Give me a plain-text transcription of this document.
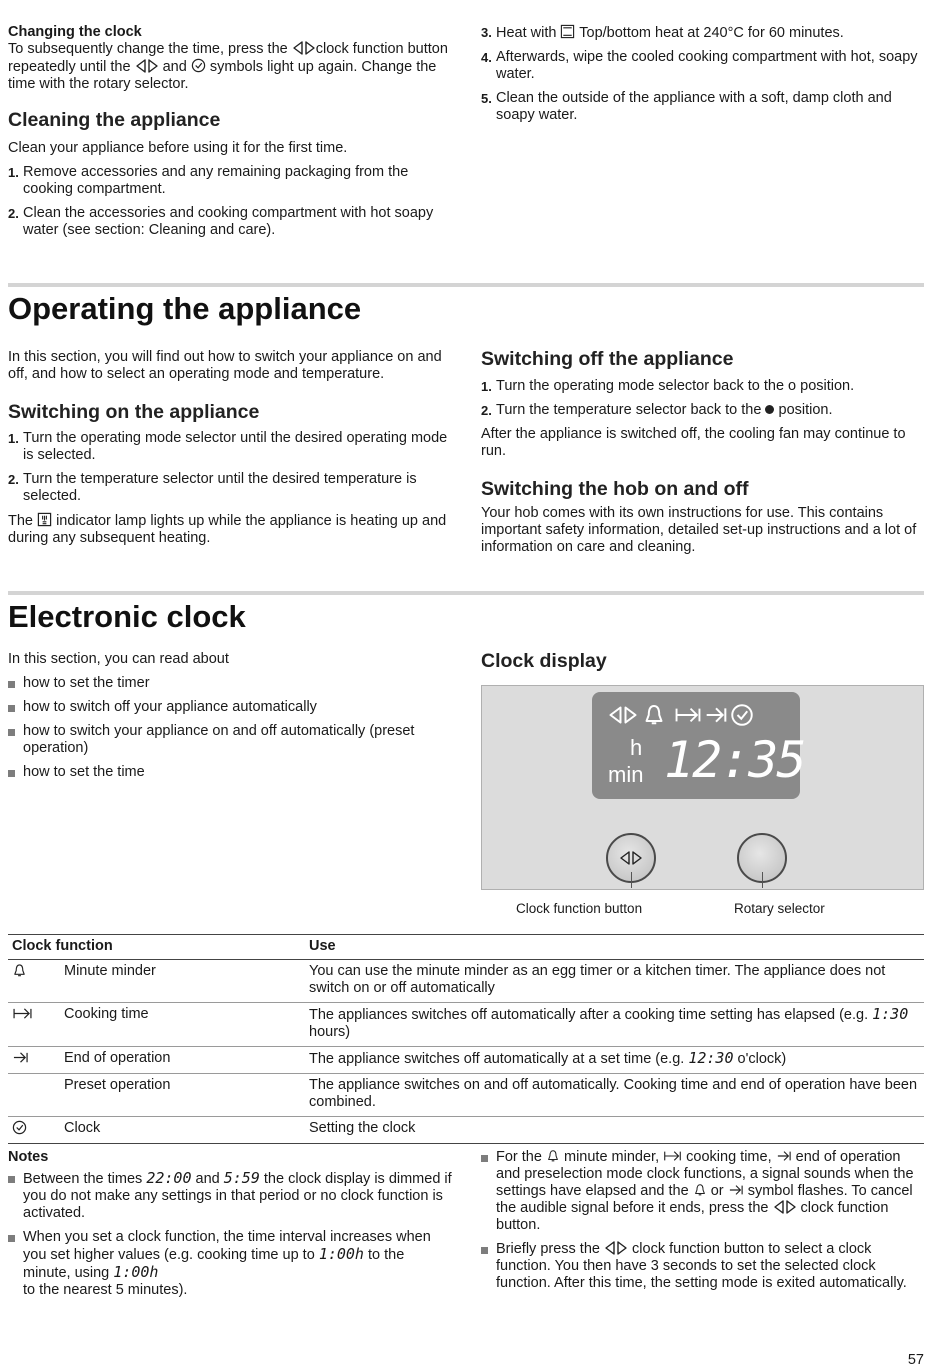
Changing the clock

To subsequently change the time, press the clock function button repeatedly until the and symbols light up again. Change the time with the rotary selector.

Cleaning the appliance

Clean your appliance before using it for the first time.

1. Remove accessories and any remaining packaging from the cooking compartment.
2. Clean the accessories and cooking compartment with hot soapy water (see section: Cleaning and care).
3. Heat with Top/bottom heat at 240°C for 60 minutes.
4. Afterwards, wipe the cooled cooking compartment with hot, soapy water.
5. Clean the outside of the appliance with a soft, damp cloth and soapy water.

Operating the appliance

In this section, you will find out how to switch your appliance on and off, and how to select an operating mode and temperature.

Switching on the appliance

1. Turn the operating mode selector until the desired operating mode is selected.
2. Turn the temperature selector until the desired temperature is selected.

The indicator lamp lights up while the appliance is heating up and during any subsequent heating.

Switching off the appliance

1. Turn the operating mode selector back to the o position.
2. Turn the temperature selector back to the position.

After the appliance is switched off, the cooling fan may continue to run.

Switching the hob on and off

Your hob comes with its own instructions for use. This contains important safety information, detailed set-up instructions and a lot of information on care and cleaning.

Electronic clock

In this section, you can read about

how to set the timer
how to switch off your appliance automatically
how to switch your appliance on and off automatically (preset operation)
how to set the time

Clock display

h
min 12:35
Clock function button	Rotary selector
Clock function		Use
	Minute minder	You can use the minute minder as an egg timer or a kitchen timer. The appliance does not switch on or off automatically
	Cooking time	The appliances switches off automatically after a cooking time setting has elapsed (e.g. 1:30 hours)
	End of operation	The appliance switches off automatically at a set time (e.g. 12:30 o'clock)
	Preset operation	The appliance switches on and off automatically. Cooking time and end of operation have been combined.
	Clock	Setting the clock

Notes

Between the times 22:00 and 5:59 the clock display is dimmed if you do not make any settings in that period or no clock function is activated.
When you set a clock function, the time interval increases when you set higher values (e.g. cooking time up to 1:00h to the minute, using 1:00h
to the nearest 5 minutes).
For the minute minder, cooking time, end of operation and preselection mode clock functions, a signal sounds when the settings have elapsed and the or symbol flashes. To cancel the audible signal before it ends, press the clock function button.
Briefly press the clock function button to select a clock function. You then have 3 seconds to set the selected clock function. After this time, the setting mode is exited automatically.
57
